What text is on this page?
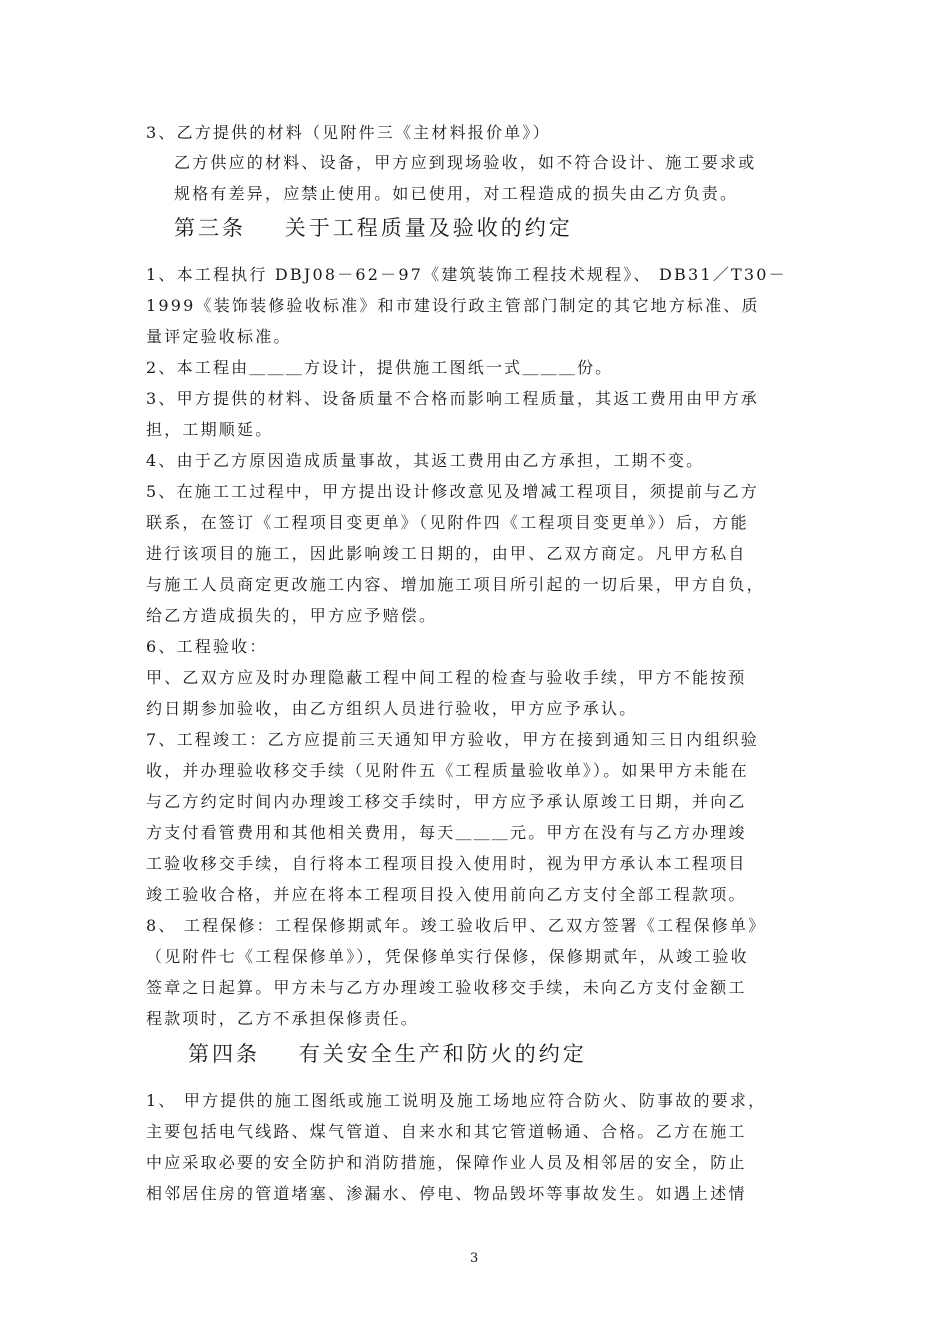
3、乙方提供的材料（见附件三《主材料报价单》）
乙方供应的材料、设备，甲方应到现场验收，如不符合设计、施工要求或
规格有差异，应禁止使用。如已使用，对工程造成的损失由乙方负责。
第三条    关于工程质量及验收的约定
1、本工程执行 DBJ08－62－97《建筑装饰工程技术规程》、 DB31／T30－
1999《装饰装修验收标准》和市建设行政主管部门制定的其它地方标准、质
量评定验收标准。
2、本工程由＿＿＿方设计，提供施工图纸一式＿＿＿份。
3、甲方提供的材料、设备质量不合格而影响工程质量，其返工费用由甲方承
担，工期顺延。
4、由于乙方原因造成质量事故，其返工费用由乙方承担，工期不变。
5、在施工工过程中，甲方提出设计修改意见及增减工程项目，须提前与乙方
联系，在签订《工程项目变更单》（见附件四《工程项目变更单》）后，方能
进行该项目的施工，因此影响竣工日期的，由甲、乙双方商定。凡甲方私自
与施工人员商定更改施工内容、增加施工项目所引起的一切后果，甲方自负，
给乙方造成损失的，甲方应予赔偿。
6、工程验收：
甲、乙双方应及时办理隐蔽工程中间工程的检查与验收手续，甲方不能按预
约日期参加验收，由乙方组织人员进行验收，甲方应予承认。
7、工程竣工：乙方应提前三天通知甲方验收，甲方在接到通知三日内组织验
收，并办理验收移交手续（见附件五《工程质量验收单》）。如果甲方未能在
与乙方约定时间内办理竣工移交手续时，甲方应予承认原竣工日期，并向乙
方支付看管费用和其他相关费用，每天＿＿＿元。甲方在没有与乙方办理竣
工验收移交手续，自行将本工程项目投入使用时，视为甲方承认本工程项目
竣工验收合格，并应在将本工程项目投入使用前向乙方支付全部工程款项。
8、 工程保修：工程保修期贰年。竣工验收后甲、乙双方签署《工程保修单》
（见附件七《工程保修单》），凭保修单实行保修，保修期贰年，从竣工验收
签章之日起算。甲方未与乙方办理竣工验收移交手续，未向乙方支付金额工
程款项时，乙方不承担保修责任。
第四条    有关安全生产和防火的约定
1、 甲方提供的施工图纸或施工说明及施工场地应符合防火、防事故的要求，
主要包括电气线路、煤气管道、自来水和其它管道畅通、合格。乙方在施工
中应采取必要的安全防护和消防措施，保障作业人员及相邻居的安全，防止
相邻居住房的管道堵塞、渗漏水、停电、物品毁坏等事故发生。如遇上述情
3
